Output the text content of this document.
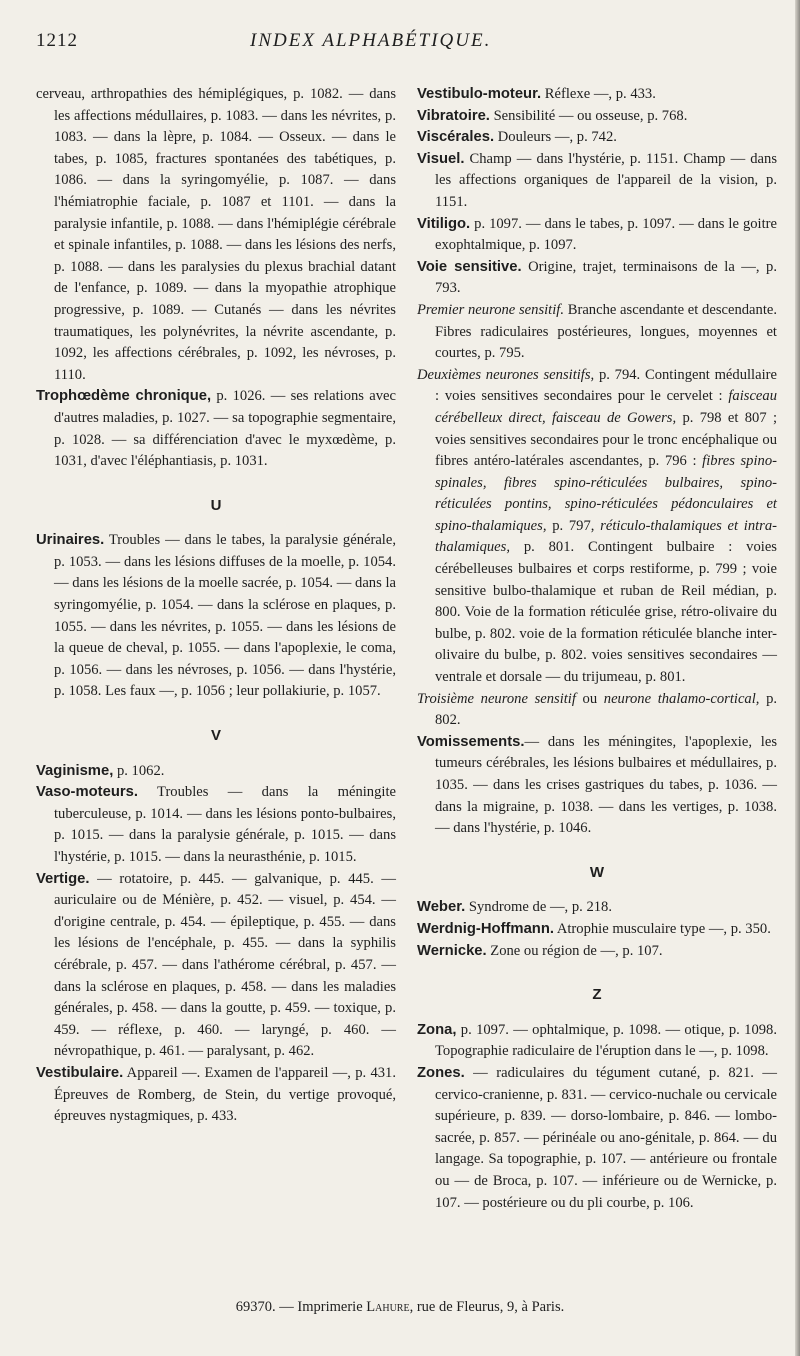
1212	INDEX ALPHABÉTIQUE.

cerveau, arthropathies des hémiplégiques, p. 1082. — dans les affections médullaires, p. 1083. — dans les névrites, p. 1083. — dans la lèpre, p. 1084. — Osseux. — dans le tabes, p. 1085, fractures spontanées des tabétiques, p. 1086. — dans la syringomyélie, p. 1087. — dans l'hémiatrophie faciale, p. 1087 et 1101. — dans la paralysie infantile, p. 1088. — dans l'hémiplégie cérébrale et spinale infantiles, p. 1088. — dans les lésions des nerfs, p. 1088. — dans les paralysies du plexus brachial datant de l'enfance, p. 1089. — dans la myopathie atrophique progressive, p. 1089. — Cutanés — dans les névrites traumatiques, les polynévrites, la névrite ascendante, p. 1092, les affections cérébrales, p. 1092, les névroses, p. 1110.

Trophœdème chronique, p. 1026. — ses relations avec d'autres maladies, p. 1027. — sa topographie segmentaire, p. 1028. — sa différenciation d'avec le myxœdème, p. 1031, d'avec l'éléphantiasis, p. 1031.

U

Urinaires. Troubles — dans le tabes, la paralysie générale, p. 1053. — dans les lésions diffuses de la moelle, p. 1054. — dans les lésions de la moelle sacrée, p. 1054. — dans la syringomyélie, p. 1054. — dans la sclérose en plaques, p. 1055. — dans les névrites, p. 1055. — dans les lésions de la queue de cheval, p. 1055. — dans l'apoplexie, le coma, p. 1056. — dans les névroses, p. 1056. — dans l'hystérie, p. 1058. Les faux —, p. 1056 ; leur pollakiurie, p. 1057.

V

Vaginisme, p. 1062.

Vaso-moteurs. Troubles — dans la méningite tuberculeuse, p. 1014. — dans les lésions ponto-bulbaires, p. 1015. — dans la paralysie générale, p. 1015. — dans l'hystérie, p. 1015. — dans la neurasthénie, p. 1015.

Vertige. — rotatoire, p. 445. — galvanique, p. 445. — auriculaire ou de Ménière, p. 452. — visuel, p. 454. — d'origine centrale, p. 454. — épileptique, p. 455. — dans les lésions de l'encéphale, p. 455. — dans la syphilis cérébrale, p. 457. — dans l'athérome cérébral, p. 457. — dans la sclérose en plaques, p. 458. — dans les maladies générales, p. 458. — dans la goutte, p. 459. — toxique, p. 459. — réflexe, p. 460. — laryngé, p. 460. — névropathique, p. 461. — paralysant, p. 462.

Vestibulaire. Appareil —. Examen de l'appareil —, p. 431. Épreuves de Romberg, de Stein, du vertige provoqué, épreuves nystagmiques, p. 433.

Vestibulo-moteur. Réflexe —, p. 433.

Vibratoire. Sensibilité — ou osseuse, p. 768.

Viscérales. Douleurs —, p. 742.

Visuel. Champ — dans l'hystérie, p. 1151. Champ — dans les affections organiques de l'appareil de la vision, p. 1151.

Vitiligo. p. 1097. — dans le tabes, p. 1097. — dans le goitre exophtalmique, p. 1097.

Voie sensitive. Origine, trajet, terminaisons de la —, p. 793.

Premier neurone sensitif. Branche ascendante et descendante. Fibres radiculaires postérieures, longues, moyennes et courtes, p. 795.

Deuxièmes neurones sensitifs, p. 794. Contingent médullaire : voies sensitives secondaires pour le cervelet : faisceau cérébelleux direct, faisceau de Gowers, p. 798 et 807 ; voies sensitives secondaires pour le tronc encéphalique ou fibres antéro-latérales ascendantes, p. 796 : fibres spino-spinales, fibres spino-réticulées bulbaires, spino-réticulées pontins, spino-réticulées pédonculaires et spino-thalamiques, p. 797, réticulo-thalamiques et intra-thalamiques, p. 801. Contingent bulbaire : voies cérébelleuses bulbaires et corps restiforme, p. 799 ; voie sensitive bulbo-thalamique et ruban de Reil médian, p. 800. Voie de la formation réticulée grise, rétro-olivaire du bulbe, p. 802. voie de la formation réticulée blanche inter-olivaire du bulbe, p. 802. voies sensitives secondaires — ventrale et dorsale — du trijumeau, p. 801.

Troisième neurone sensitif ou neurone thalamo-cortical, p. 802.

Vomissements.— dans les méningites, l'apoplexie, les tumeurs cérébrales, les lésions bulbaires et médullaires, p. 1035. — dans les crises gastriques du tabes, p. 1036. — dans la migraine, p. 1038. — dans les vertiges, p. 1038. — dans l'hystérie, p. 1046.

W

Weber. Syndrome de —, p. 218.

Werdnig-Hoffmann. Atrophie musculaire type —, p. 350.

Wernicke. Zone ou région de —, p. 107.

Z

Zona, p. 1097. — ophtalmique, p. 1098. — otique, p. 1098. Topographie radiculaire de l'éruption dans le —, p. 1098.

Zones. — radiculaires du tégument cutané, p. 821. — cervico-cranienne, p. 831. — cervico-nuchale ou cervicale supérieure, p. 839. — dorso-lombaire, p. 846. — lombo-sacrée, p. 857. — périnéale ou ano-génitale, p. 864. — du langage. Sa topographie, p. 107. — antérieure ou frontale ou — de Broca, p. 107. — inférieure ou de Wernicke, p. 107. — postérieure ou du pli courbe, p. 106.

69370. — Imprimerie Lahure, rue de Fleurus, 9, à Paris.
